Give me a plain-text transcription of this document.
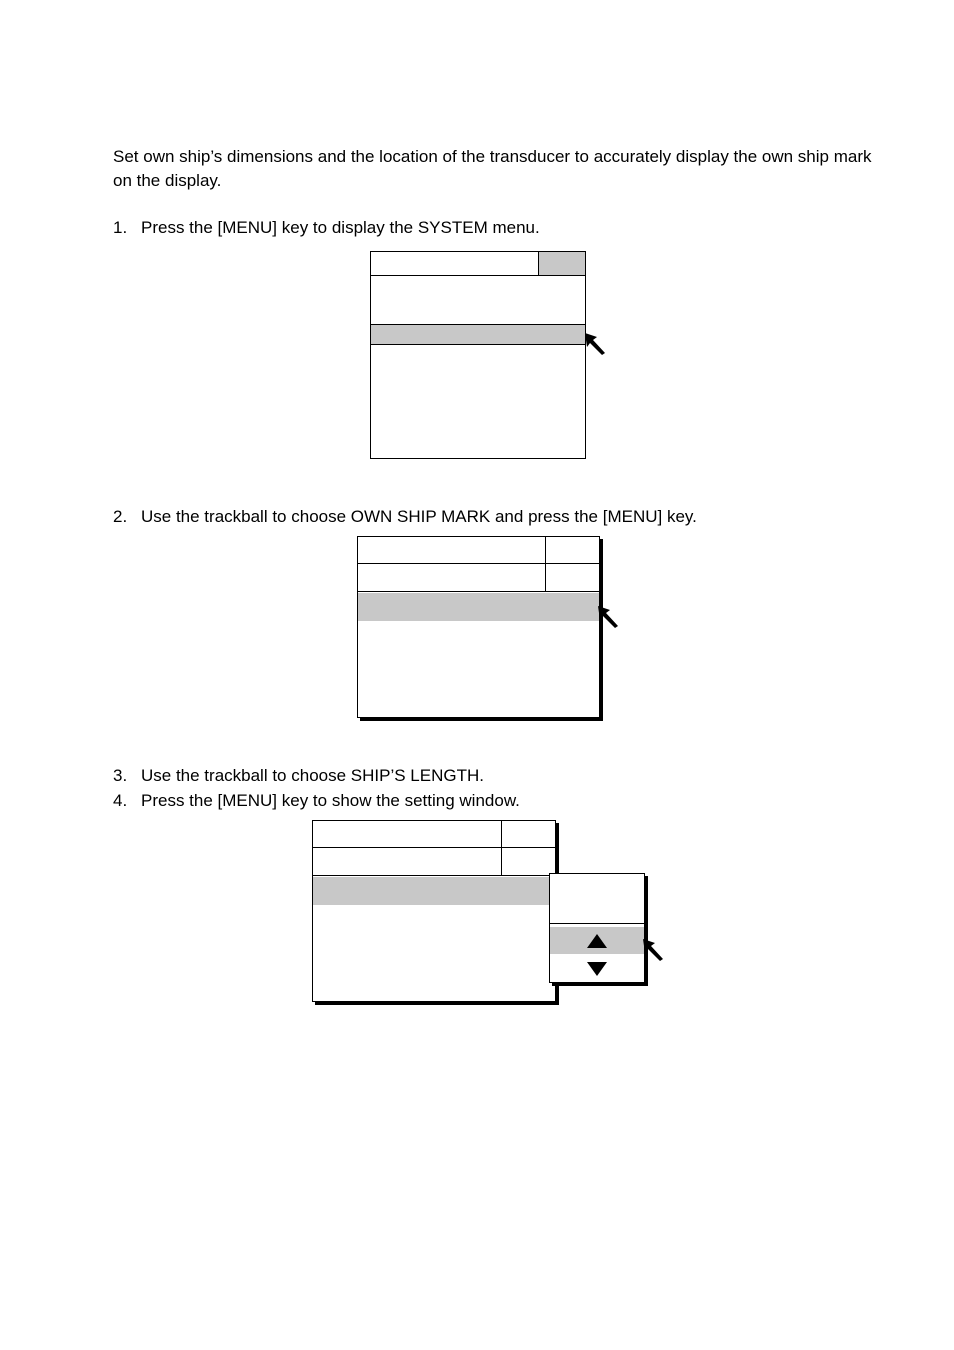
Set own ship’s dimensions and the location of the transducer to accurately display the own ship mark on the display.

1. Press the [MENU] key to display the SYSTEM menu.

2. Use the trackball to choose OWN SHIP MARK and press the [MENU] key.

3. Use the trackball to choose SHIP’S LENGTH.

4. Press the [MENU] key to show the setting window.
